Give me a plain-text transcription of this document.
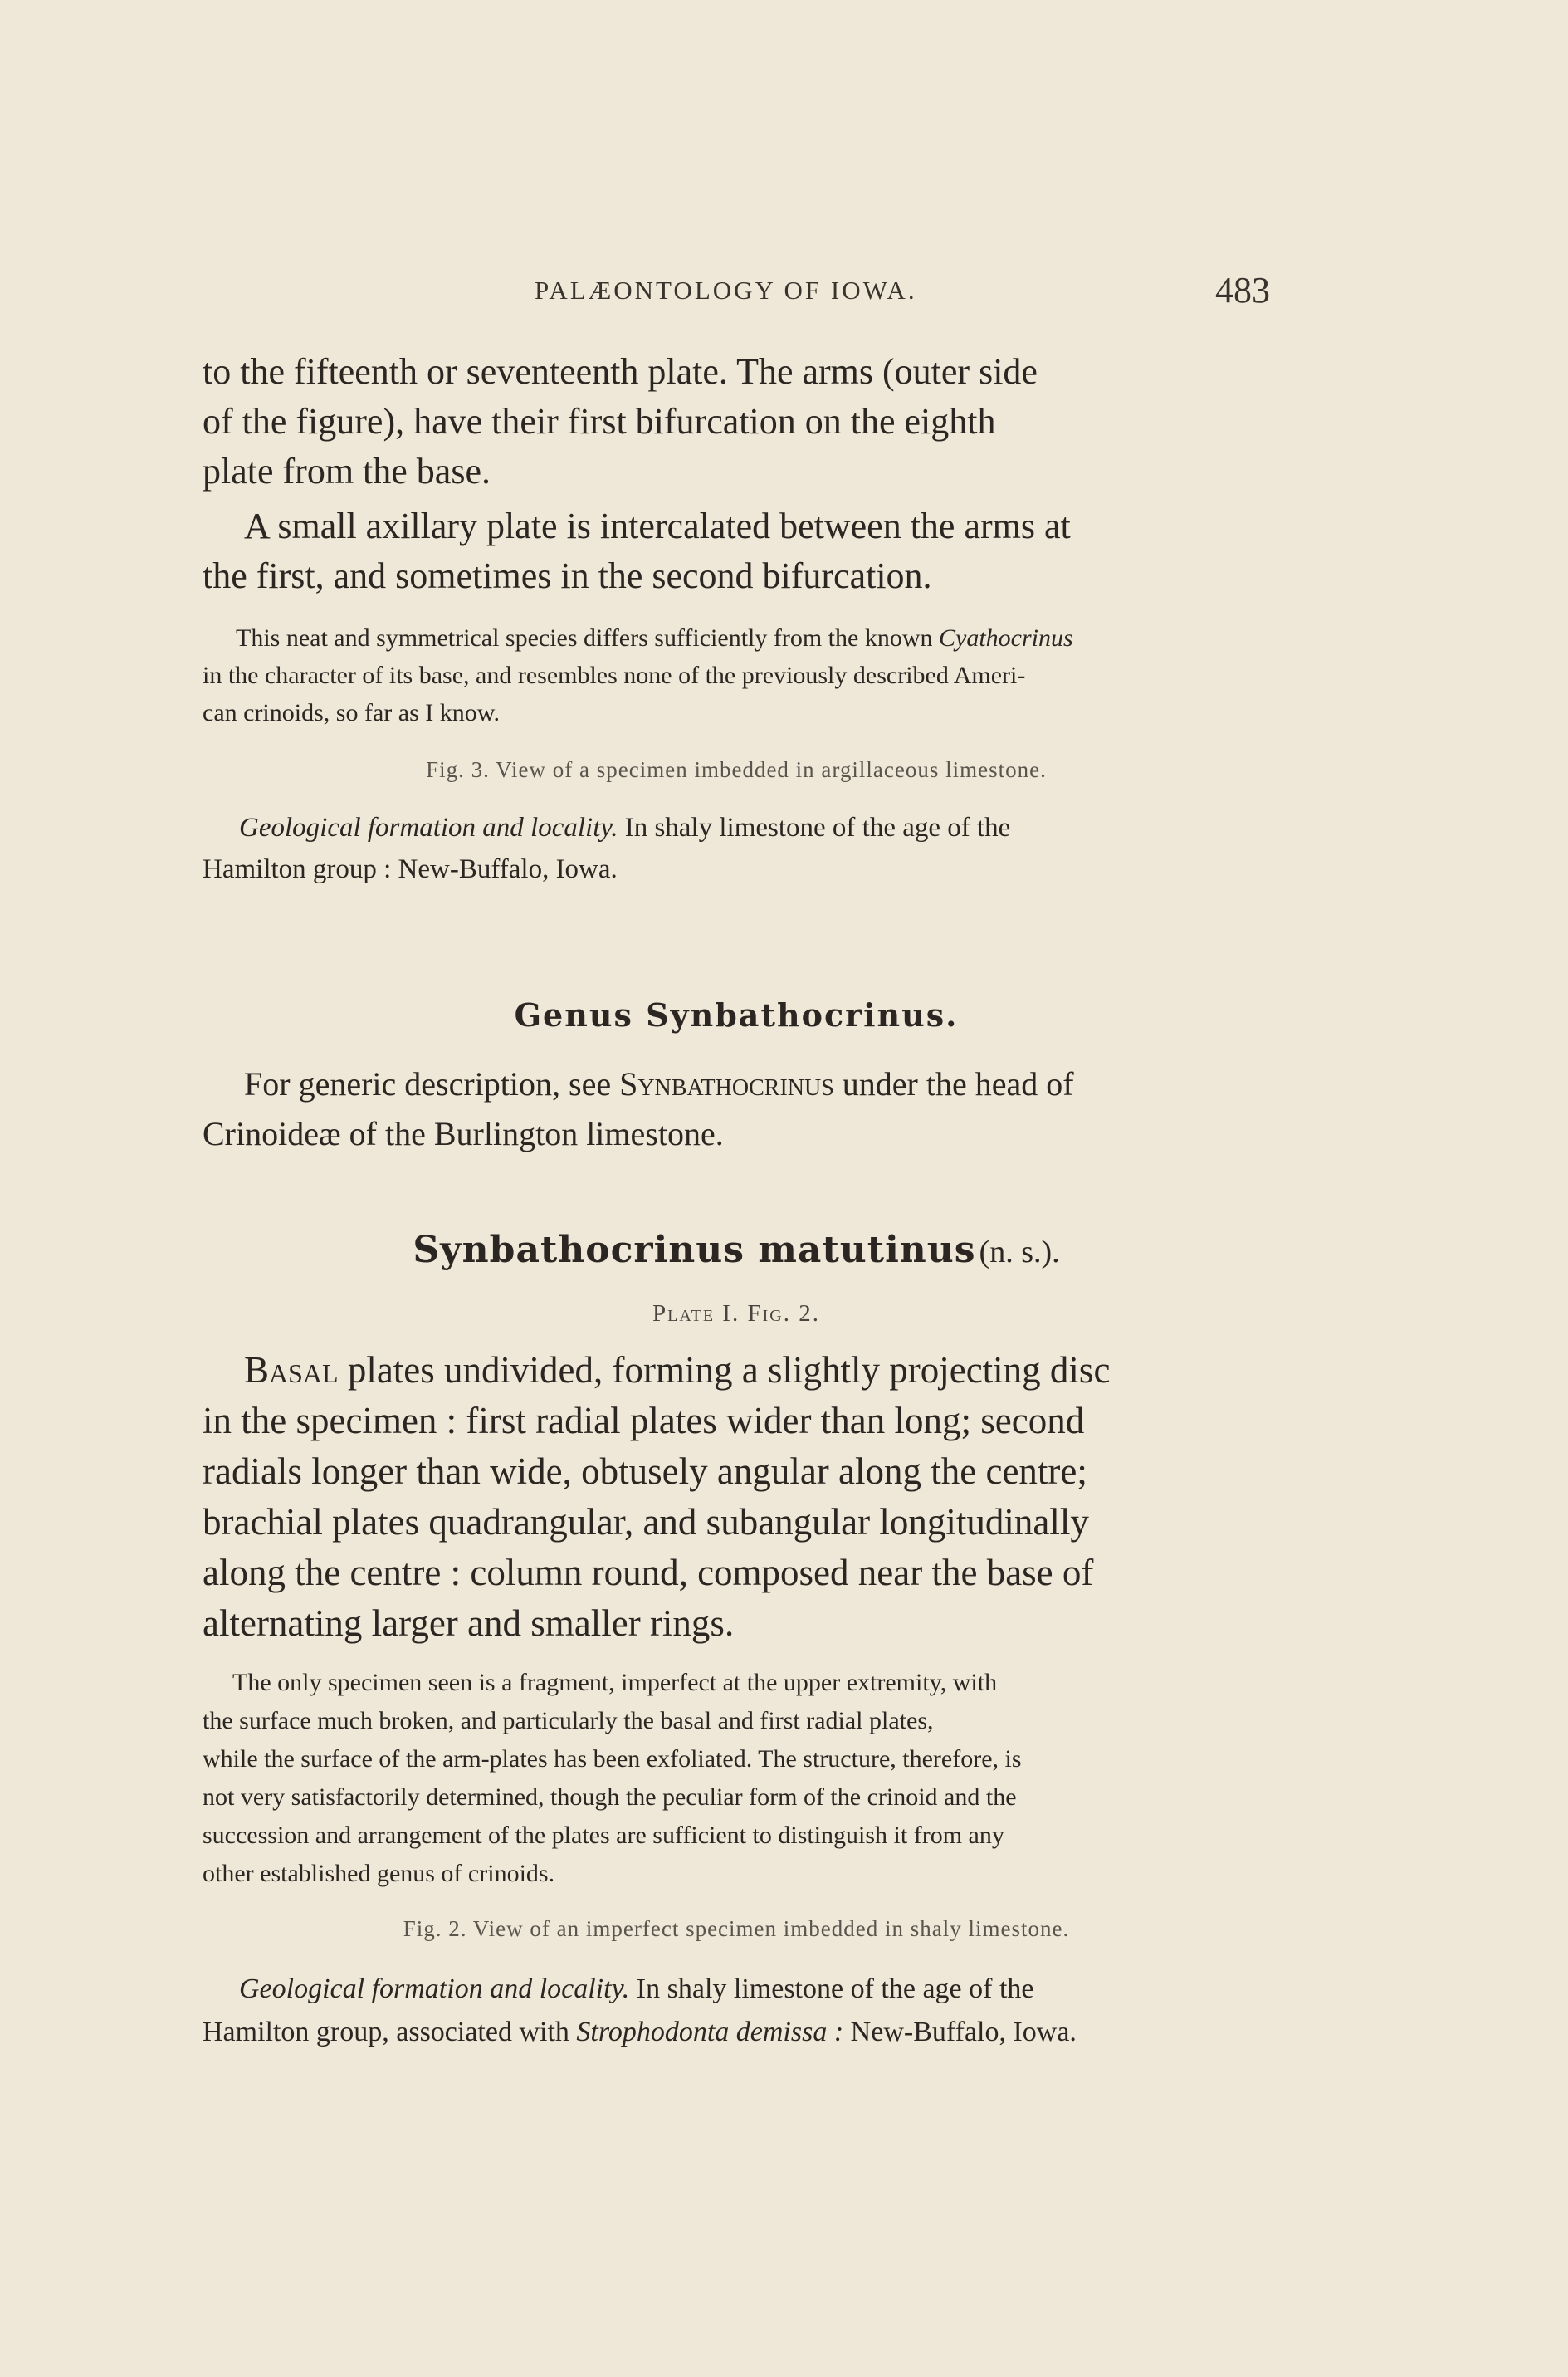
PALÆONTOLOGY OF IOWA.	483
to the fifteenth or seventeenth plate. The arms (outer side
of the figure), have their first bifurcation on the eighth
plate from the base.
A small axillary plate is intercalated between the arms at
the first, and sometimes in the second bifurcation.
This neat and symmetrical species differs sufficiently from the known Cyathocrinus
in the character of its base, and resembles none of the previously described Ameri-
can crinoids, so far as I know.
Fig. 3. View of a specimen imbedded in argillaceous limestone.
Geological formation and locality. In shaly limestone of the age of the
Hamilton group : New-Buffalo, Iowa.
Genus Synbathocrinus.
For generic description, see Synbathocrinus under the head of
Crinoideæ of the Burlington limestone.
Synbathocrinus matutinus (n. s.).
Plate I. Fig. 2.
Basal plates undivided, forming a slightly projecting disc
in the specimen : first radial plates wider than long; second
radials longer than wide, obtusely angular along the centre;
brachial plates quadrangular, and subangular longitudinally
along the centre : column round, composed near the base of
alternating larger and smaller rings.
The only specimen seen is a fragment, imperfect at the upper extremity, with
the surface much broken, and particularly the basal and first radial plates,
while the surface of the arm-plates has been exfoliated. The structure, therefore, is
not very satisfactorily determined, though the peculiar form of the crinoid and the
succession and arrangement of the plates are sufficient to distinguish it from any
other established genus of crinoids.
Fig. 2. View of an imperfect specimen imbedded in shaly limestone.
Geological formation and locality. In shaly limestone of the age of the
Hamilton group, associated with Strophodonta demissa : New-Buffalo, Iowa.
